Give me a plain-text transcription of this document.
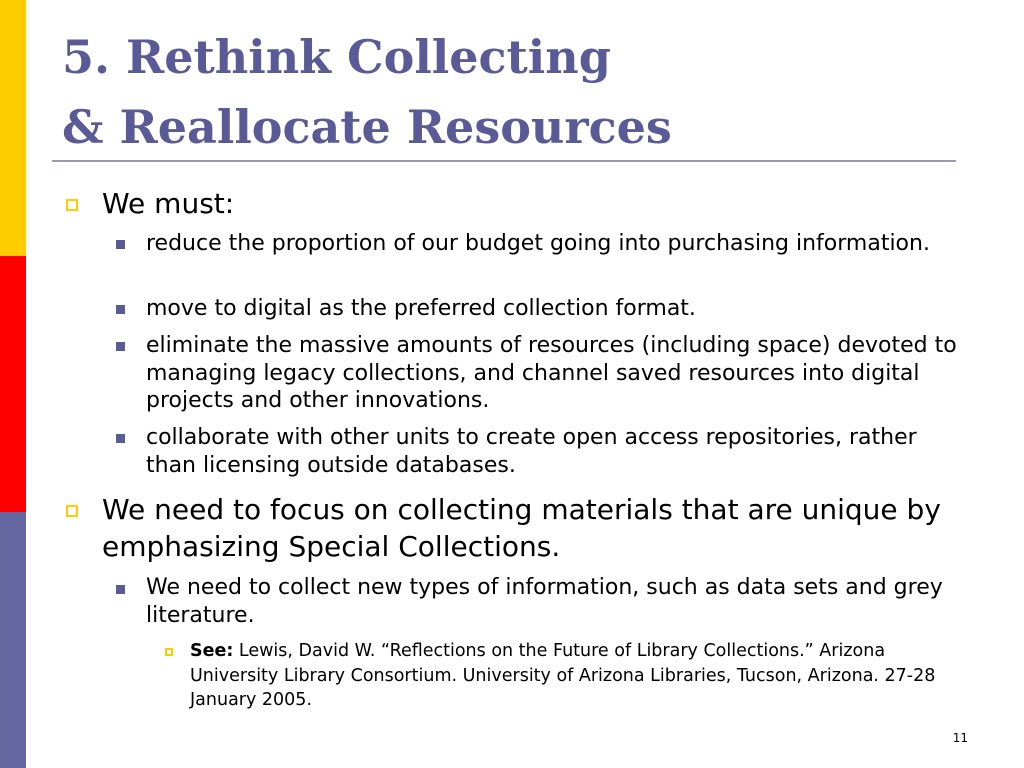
5. Rethink Collecting
& Reallocate Resources

We must:

reduce the proportion of our budget going into purchasing information.

move to digital as the preferred collection format.

eliminate the massive amounts of resources (including space) devoted to managing legacy collections, and channel saved resources into digital projects and other innovations.

collaborate with other units to create open access repositories, rather than licensing outside databases.

We need to focus on collecting materials that are unique by emphasizing Special Collections.

We need to collect new types of information, such as data sets and grey literature.

See: Lewis, David W. “Reflections on the Future of Library Collections.” Arizona University Library Consortium. University of Arizona Libraries, Tucson, Arizona. 27-28 January 2005.

11
